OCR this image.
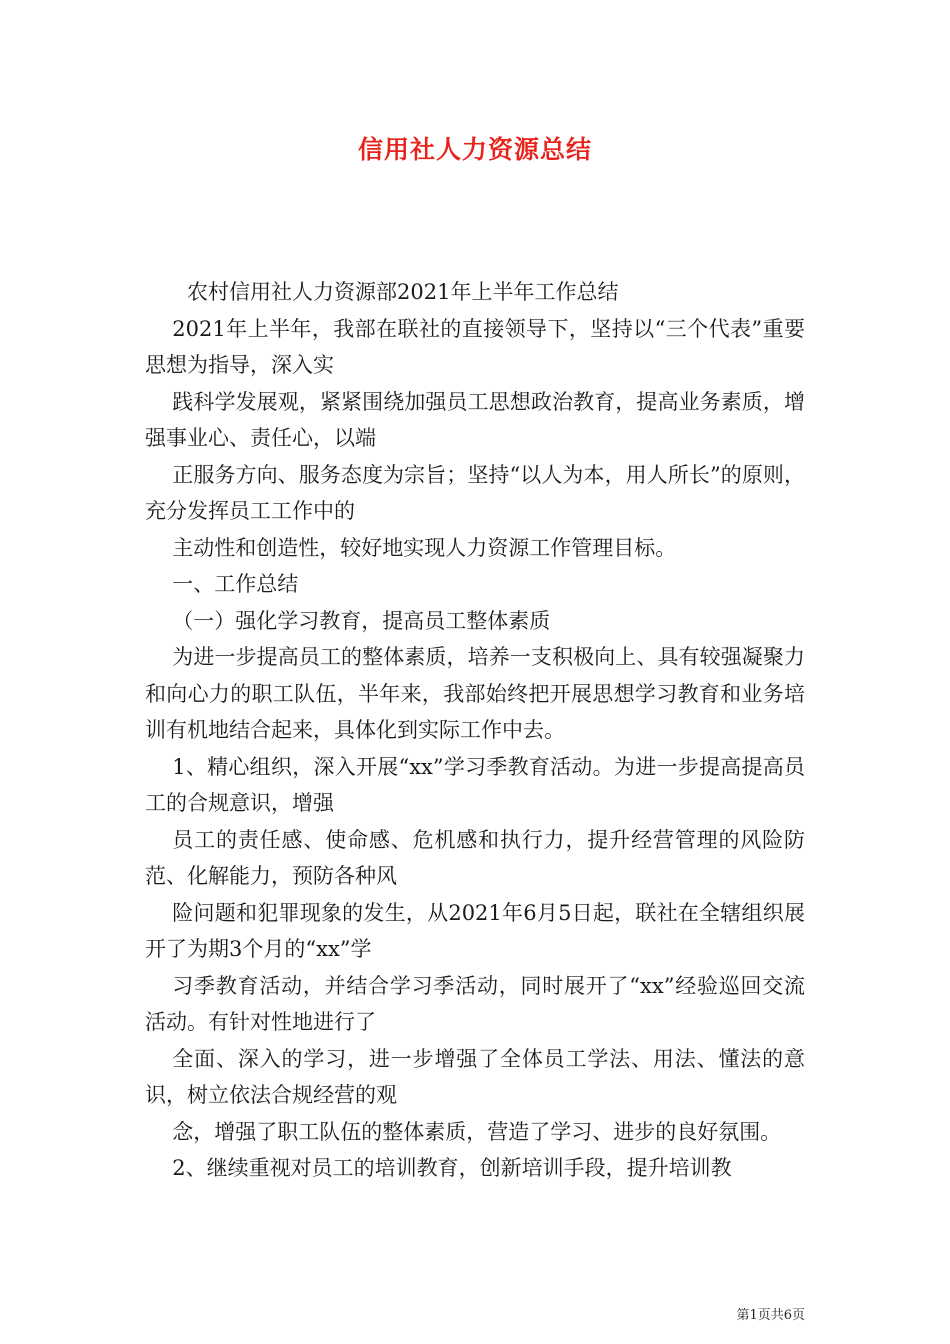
信用社人力资源总结

农村信用社人力资源部2021年上半年工作总结

2021年上半年，我部在联社的直接领导下，坚持以“三个代表”重要思想为指导，深入实

践科学发展观，紧紧围绕加强员工思想政治教育，提高业务素质，增强事业心、责任心，以端

正服务方向、服务态度为宗旨；坚持“以人为本，用人所长”的原则，充分发挥员工工作中的

主动性和创造性，较好地实现人力资源工作管理目标。

一、工作总结

（一）强化学习教育，提高员工整体素质

为进一步提高员工的整体素质，培养一支积极向上、具有较强凝聚力和向心力的职工队伍，半年来，我部始终把开展思想学习教育和业务培训有机地结合起来，具体化到实际工作中去。

1、精心组织，深入开展“xx”学习季教育活动。为进一步提高提高员工的合规意识，增强

员工的责任感、使命感、危机感和执行力，提升经营管理的风险防范、化解能力，预防各种风

险问题和犯罪现象的发生，从2021年6月5日起，联社在全辖组织展开了为期3个月的“xx”学

习季教育活动，并结合学习季活动，同时展开了“xx”经验巡回交流活动。有针对性地进行了

全面、深入的学习，进一步增强了全体员工学法、用法、懂法的意识，树立依法合规经营的观

念，增强了职工队伍的整体素质，营造了学习、进步的良好氛围。

2、继续重视对员工的培训教育，创新培训手段，提升培训教

第1页共6页
